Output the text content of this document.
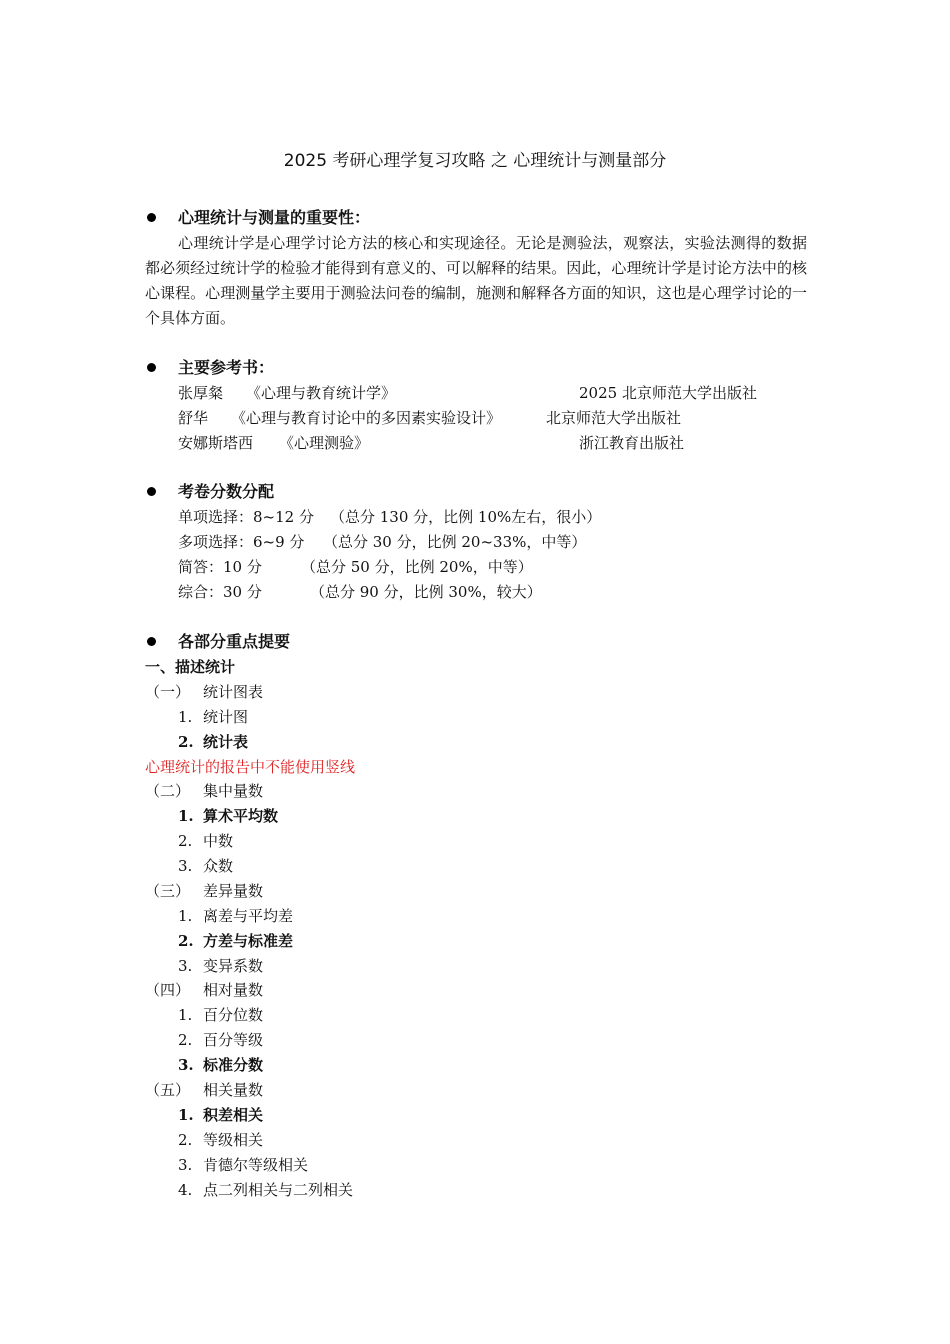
2025 考研心理学复习攻略 之 心理统计与测量部分
心理统计与测量的重要性：
心理统计学是心理学讨论方法的核心和实现途径。无论是测验法，观察法，实验法测得的数据都必须经过统计学的检验才能得到有意义的、可以解释的结果。因此，心理统计学是讨论方法中的核心课程。心理测量学主要用于测验法问卷的编制，施测和解释各方面的知识，这也是心理学讨论的一个具体方面。
主要参考书：
张厚粲 《心理与教育统计学》	2025 北京师范大学出版社
舒华 《心理与教育讨论中的多因素实验设计》	北京师范大学出版社
安娜斯塔西 《心理测验》	浙江教育出版社
考卷分数分配
单项选择：8~12 分 （总分 130 分，比例 10%左右，很小）
多项选择：6~9 分 （总分 30 分，比例 20~33%，中等）
简答：10 分	（总分 50 分，比例 20%，中等）
综合：30 分	（总分 90 分，比例 30%，较大）
各部分重点提要
一、描述统计
（一） 统计图表
1. 统计图
2. 统计表
心理统计的报告中不能使用竖线
（二） 集中量数
1. 算术平均数
2. 中数
3. 众数
（三） 差异量数
1. 离差与平均差
2. 方差与标准差
3. 变异系数
（四） 相对量数
1. 百分位数
2. 百分等级
3. 标准分数
（五） 相关量数
1. 积差相关
2. 等级相关
3. 肯德尔等级相关
4. 点二列相关与二列相关
